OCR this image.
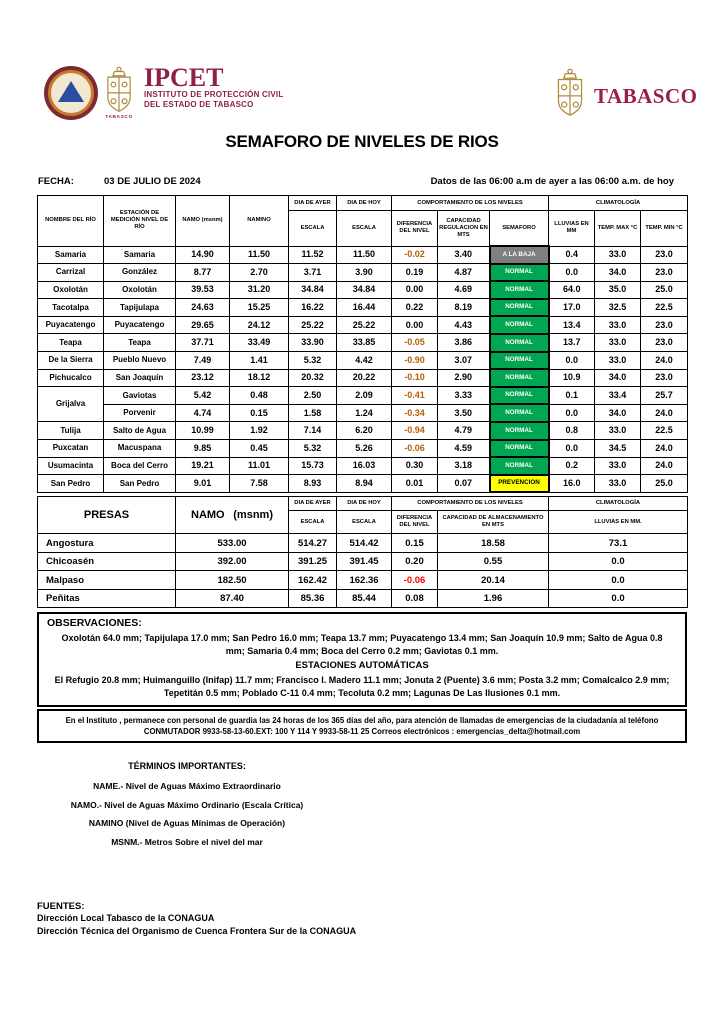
TABASCO
IPCET
INSTITUTO DE PROTECCIÓN CIVIL
DEL ESTADO DE TABASCO	TABASCO
SEMAFORO DE NIVELES DE RIOS
FECHA:	03 DE JULIO DE 2024	Datos de las 06:00 a.m de ayer a las 06:00 a.m. de hoy
NOMBRE DEL RÍO	ESTACIÓN DE MEDICIÓN NIVEL DE RÍO	NAMO (msnm)	NAMINO	DIA DE AYER	DIA DE HOY	COMPORTAMIENTO DE LOS NIVELES			CLIMATOLOGÍA		
				ESCALA	ESCALA	DIFERENCIA DEL NIVEL	CAPACIDAD REGULACION EN MTS	SEMAFORO	LLUVIAS EN MM	TEMP. MAX °C	TEMP. MIN °C
Samaria	Samaria	14.90	11.50	11.52	11.50	-0.02	3.40	A LA BAJA	0.4	33.0	23.0
Carrizal	González	8.77	2.70	3.71	3.90	0.19	4.87	NORMAL	0.0	34.0	23.0
Oxolotán	Oxolotán	39.53	31.20	34.84	34.84	0.00	4.69	NORMAL	64.0	35.0	25.0
Tacotalpa	Tapijulapa	24.63	15.25	16.22	16.44	0.22	8.19	NORMAL	17.0	32.5	22.5
Puyacatengo	Puyacatengo	29.65	24.12	25.22	25.22	0.00	4.43	NORMAL	13.4	33.0	23.0
Teapa	Teapa	37.71	33.49	33.90	33.85	-0.05	3.86	NORMAL	13.7	33.0	23.0
De la Sierra	Pueblo Nuevo	7.49	1.41	5.32	4.42	-0.90	3.07	NORMAL	0.0	33.0	24.0
Pichucalco	San Joaquín	23.12	18.12	20.32	20.22	-0.10	2.90	NORMAL	10.9	34.0	23.0
Grijalva	Gaviotas	5.42	0.48	2.50	2.09	-0.41	3.33	NORMAL	0.1	33.4	25.7
	Porvenir	4.74	0.15	1.58	1.24	-0.34	3.50	NORMAL	0.0	34.0	24.0
Tulija	Salto de Agua	10.99	1.92	7.14	6.20	-0.94	4.79	NORMAL	0.8	33.0	22.5
Puxcatan	Macuspana	9.85	0.45	5.32	5.26	-0.06	4.59	NORMAL	0.0	34.5	24.0
Usumacinta	Boca del Cerro	19.21	11.01	15.73	16.03	0.30	3.18	NORMAL	0.2	33.0	24.0
San Pedro	San Pedro	9.01	7.58	8.93	8.94	0.01	0.07	PREVENCION	16.0	33.0	25.0
PRESAS	NAMO (msnm)	DIA DE AYER	DIA DE HOY	COMPORTAMIENTO DE LOS NIVELES		CLIMATOLOGÍA
		ESCALA	ESCALA	DIFERENCIA DEL NIVEL	CAPACIDAD DE ALMACENAMIENTO EN MTS	LLUVIAS EN MM.
Angostura	533.00	514.27	514.42	0.15	18.58	73.1
Chicoasén	392.00	391.25	391.45	0.20	0.55	0.0
Malpaso	182.50	162.42	162.36	-0.06	20.14	0.0
Peñitas	87.40	85.36	85.44	0.08	1.96	0.0
OBSERVACIONES:
Oxolotán 64.0 mm; Tapijulapa 17.0 mm; San Pedro 16.0 mm; Teapa 13.7 mm; Puyacatengo 13.4 mm; San Joaquín 10.9 mm; Salto de Agua 0.8 mm; Samaria 0.4 mm; Boca del Cerro 0.2 mm; Gaviotas 0.1 mm.
ESTACIONES AUTOMÁTICAS
El Refugio 20.8 mm; Huimanguillo (Inifap) 11.7 mm; Francisco I. Madero 11.1 mm; Jonuta 2 (Puente) 3.6 mm; Posta 3.2 mm; Comalcalco 2.9 mm; Tepetitán 0.5 mm; Poblado C-11 0.4 mm; Tecoluta 0.2 mm; Lagunas De Las Ilusiones 0.1 mm.
En el Instituto , permanece con personal de guardia las 24 horas de los 365 días del año, para atención de llamadas de emergencias de la ciudadanía al teléfono
CONMUTADOR 9933-58-13-60.EXT: 100 Y 114 Y 9933-58-11 25 Correos electrónicos : emergencias_delta@hotmail.com
TÉRMINOS IMPORTANTES:
NAME.- Nivel de Aguas Máximo Extraordinario
NAMO.- Nivel de Aguas Máximo Ordinario (Escala Crítica)
NAMINO (Nivel de Aguas Mínimas de Operación)
MSNM.- Metros Sobre el nivel del mar
FUENTES:
Dirección Local Tabasco de la CONAGUA
Dirección Técnica del Organismo de Cuenca Frontera Sur de la CONAGUA
